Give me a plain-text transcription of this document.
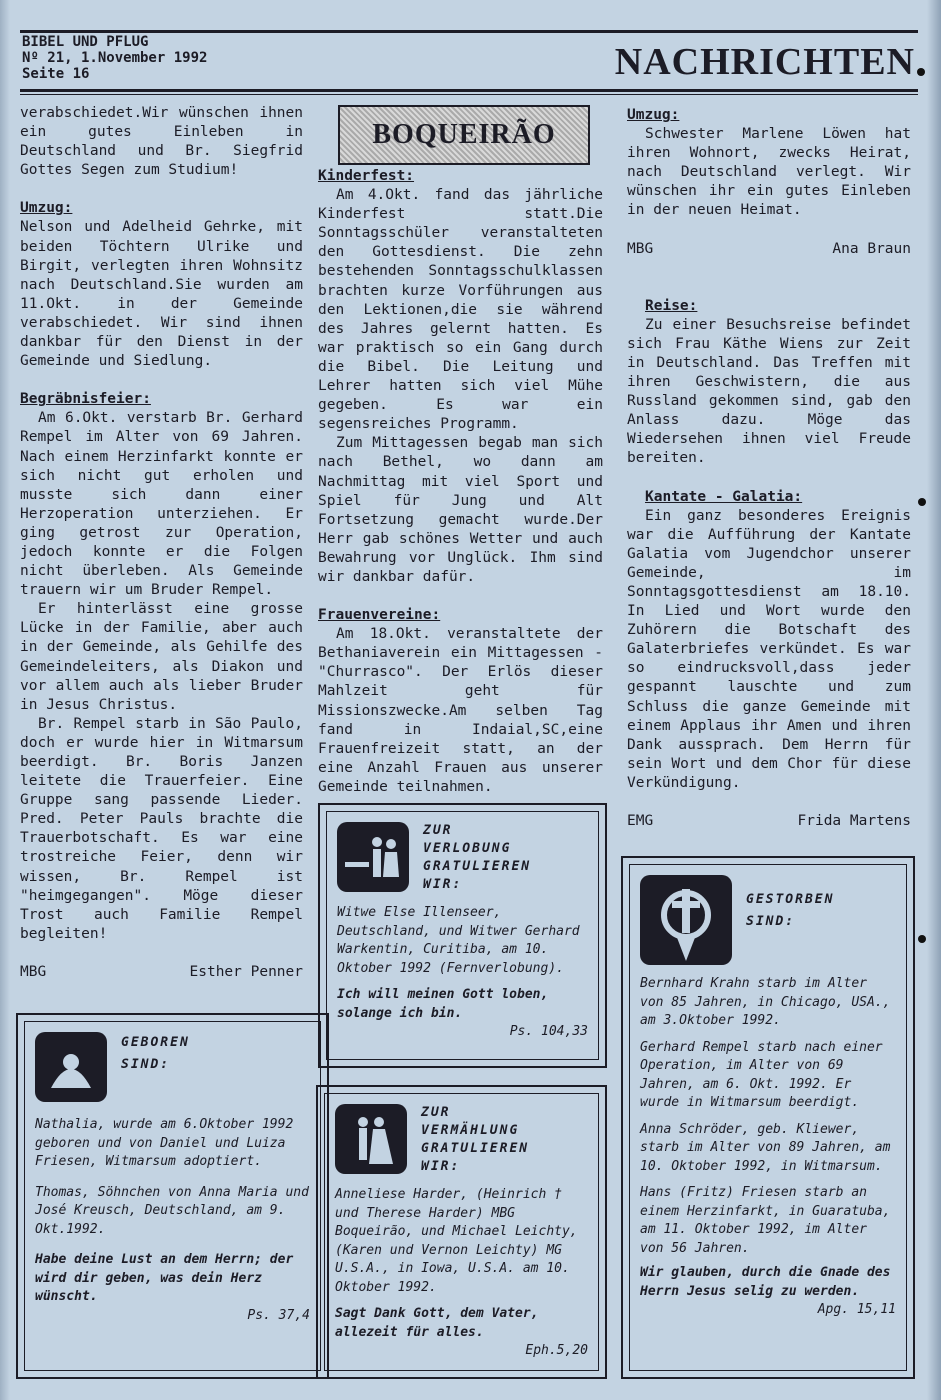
BIBEL UND PFLUG
Nº 21, 1.November 1992
Seite 16	NACHRICHTEN

verabschiedet.Wir wünschen ihnen ein gutes Einleben in Deutschland und Br. Siegfrid Gottes Segen zum Studium!

Umzug:

Nelson und Adelheid Gehrke, mit beiden Töchtern Ulrike und Birgit, verlegten ihren Wohnsitz nach Deutschland.Sie wurden am 11.Okt. in der Gemeinde verabschiedet. Wir sind ihnen dankbar für den Dienst in der Gemeinde und Siedlung.

Begräbnisfeier:

Am 6.Okt. verstarb Br. Gerhard Rempel im Alter von 69 Jahren. Nach einem Herzinfarkt konnte er sich nicht gut erholen und musste sich dann einer Herzoperation unterziehen. Er ging getrost zur Operation, jedoch konnte er die Folgen nicht überleben. Als Gemeinde trauern wir um Bruder Rempel.

Er hinterlässt eine grosse Lücke in der Familie, aber auch in der Gemeinde, als Gehilfe des Gemeindeleiters, als Diakon und vor allem auch als lieber Bruder in Jesus Christus.

Br. Rempel starb in São Paulo, doch er wurde hier in Witmarsum beerdigt. Br. Boris Janzen leitete die Trauerfeier. Eine Gruppe sang passende Lieder. Pred. Peter Pauls brachte die Trauerbotschaft. Es war eine trostreiche Feier, denn wir wissen, Br. Rempel ist "heimgegangen". Möge dieser Trost auch Familie Rempel begleiten!

MBG	Esther Penner
GEBOREN
SIND:

Nathalia, wurde am 6.Oktober 1992 geboren und von Daniel und Luiza Friesen, Witmarsum adoptiert.

Thomas, Söhnchen von Anna Maria und José Kreusch, Deutschland, am 9. Okt.1992.

Habe deine Lust an dem Herrn; der wird dir geben, was dein Herz wünscht.

Ps. 37,4

BOQUEIRÃO

Kinderfest:

Am 4.Okt. fand das jährliche Kinderfest statt.Die Sonntagsschüler veranstalteten den Gottesdienst. Die zehn bestehenden Sonntagsschulklassen brachten kurze Vorführungen aus den Lektionen,die sie während des Jahres gelernt hatten. Es war praktisch so ein Gang durch die Bibel. Die Leitung und Lehrer hatten sich viel Mühe gegeben. Es war ein segensreiches Programm.

Zum Mittagessen begab man sich nach Bethel, wo dann am Nachmittag mit viel Sport und Spiel für Jung und Alt Fortsetzung gemacht wurde.Der Herr gab schönes Wetter und auch Bewahrung vor Unglück. Ihm sind wir dankbar dafür.

Frauenvereine:

Am 18.Okt. veranstaltete der Bethaniaverein ein Mittagessen - "Churrasco". Der Erlös dieser Mahlzeit geht für Missionszwecke.Am selben Tag fand in Indaial,SC,eine Frauenfreizeit statt, an der eine Anzahl Frauen aus unserer Gemeinde teilnahmen.

ZUR
VERLOBUNG
GRATULIEREN
WIR:

Witwe Else Illenseer, Deutschland, und Witwer Gerhard Warkentin, Curitiba, am 10. Oktober 1992 (Fernverlobung).

Ich will meinen Gott loben, solange ich bin.

Ps. 104,33

ZUR
VERMÄHLUNG
GRATULIEREN
WIR:

Anneliese Harder, (Heinrich † und Therese Harder) MBG Boqueirão, und Michael Leichty, (Karen und Vernon Leichty) MG U.S.A., in Iowa, U.S.A. am 10. Oktober 1992.

Sagt Dank Gott, dem Vater, allezeit für alles.

Eph.5,20

Umzug:

Schwester Marlene Löwen hat ihren Wohnort, zwecks Heirat, nach Deutschland verlegt. Wir wünschen ihr ein gutes Einleben in der neuen Heimat.

MBG	Ana Braun

Reise:

Zu einer Besuchsreise befindet sich Frau Käthe Wiens zur Zeit in Deutschland. Das Treffen mit ihren Geschwistern, die aus Russland gekommen sind, gab den Anlass dazu. Möge das Wiedersehen ihnen viel Freude bereiten.

Kantate - Galatia:

Ein ganz besonderes Ereignis war die Aufführung der Kantate Galatia vom Jugendchor unserer Gemeinde, im Sonntagsgottesdienst am 18.10. In Lied und Wort wurde den Zuhörern die Botschaft des Galaterbriefes verkündet. Es war so eindrucksvoll,dass jeder gespannt lauschte und zum Schluss die ganze Gemeinde mit einem Applaus ihr Amen und ihren Dank aussprach. Dem Herrn für sein Wort und dem Chor für diese Verkündigung.

EMG	Frida Martens
GESTORBEN
SIND:

Bernhard Krahn starb im Alter von 85 Jahren, in Chicago, USA., am 3.Oktober 1992.

Gerhard Rempel starb nach einer Operation, im Alter von 69 Jahren, am 6. Okt. 1992. Er wurde in Witmarsum beerdigt.

Anna Schröder, geb. Kliewer, starb im Alter von 89 Jahren, am 10. Oktober 1992, in Witmarsum.

Hans (Fritz) Friesen starb an einem Herzinfarkt, in Guaratuba, am 11. Oktober 1992, im Alter von 56 Jahren.

Wir glauben, durch die Gnade des Herrn Jesus selig zu werden.

Apg. 15,11
